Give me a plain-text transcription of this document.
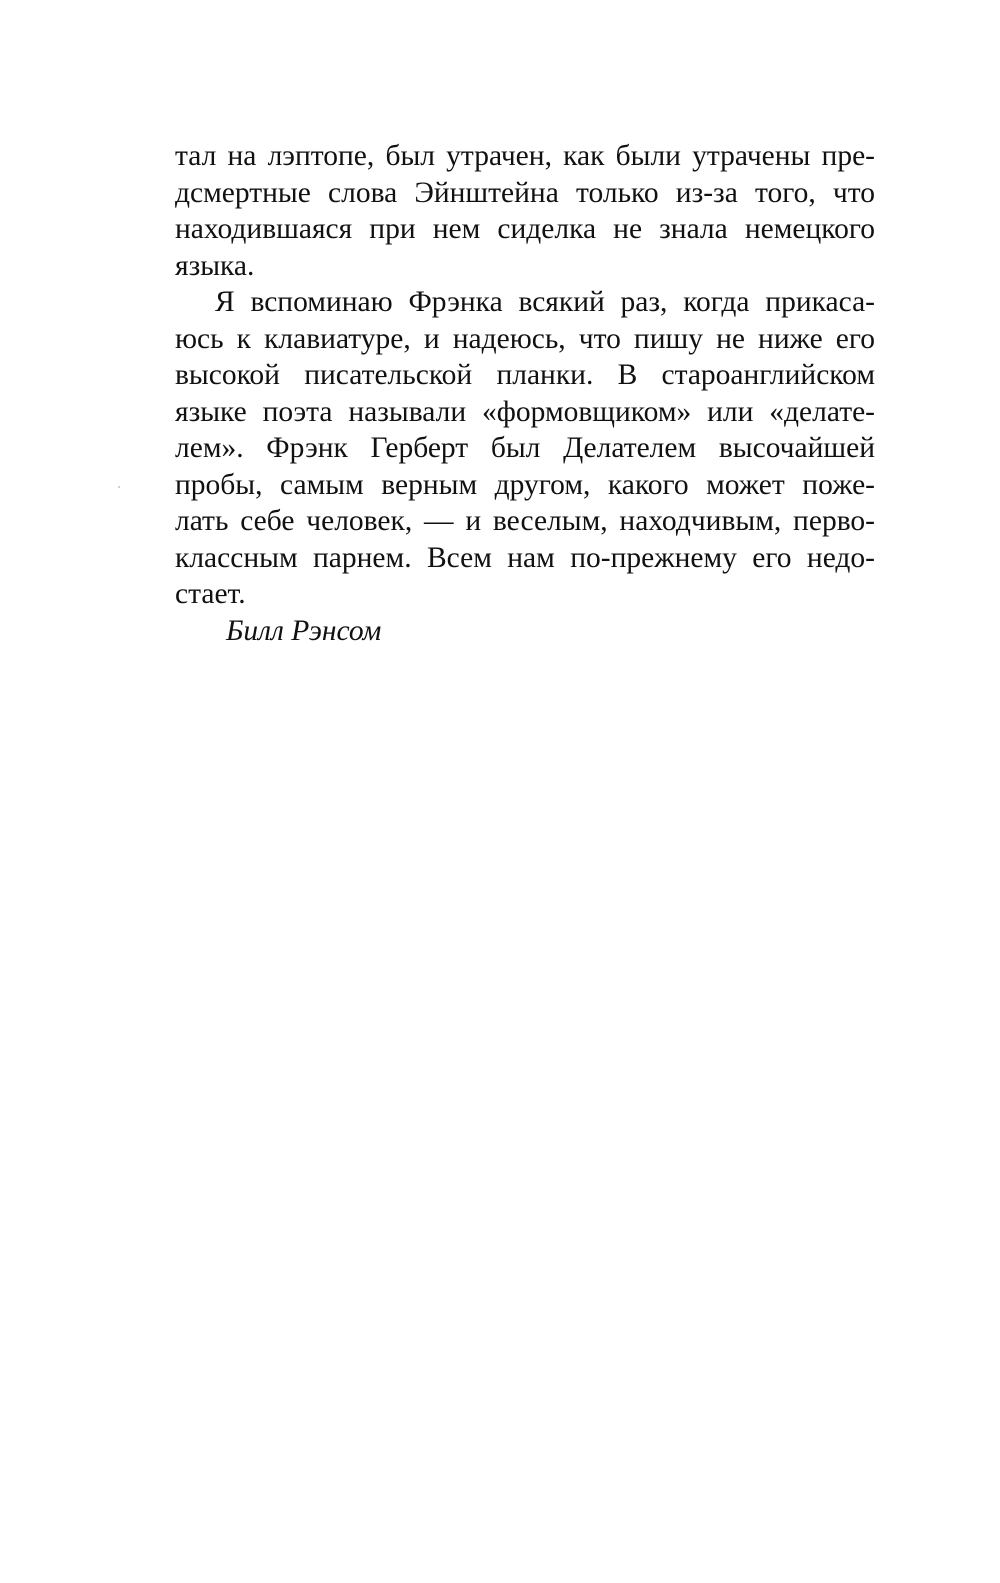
тал на лэптопе, был утрачен, как были утрачены пре-
дсмертные слова Эйнштейна только из-за того, что
находившаяся при нем сиделка не знала немецкого
языка.
Я вспоминаю Фрэнка всякий раз, когда прикаса-
юсь к клавиатуре, и надеюсь, что пишу не ниже его
высокой писательской планки. В староанглийском
языке поэта называли «формовщиком» или «делате-
лем». Фрэнк Герберт был Делателем высочайшей
пробы, самым верным другом, какого может поже-
лать себе человек, — и веселым, находчивым, перво-
классным парнем. Всем нам по-прежнему его недо-
стает.
Билл Рэнсом
